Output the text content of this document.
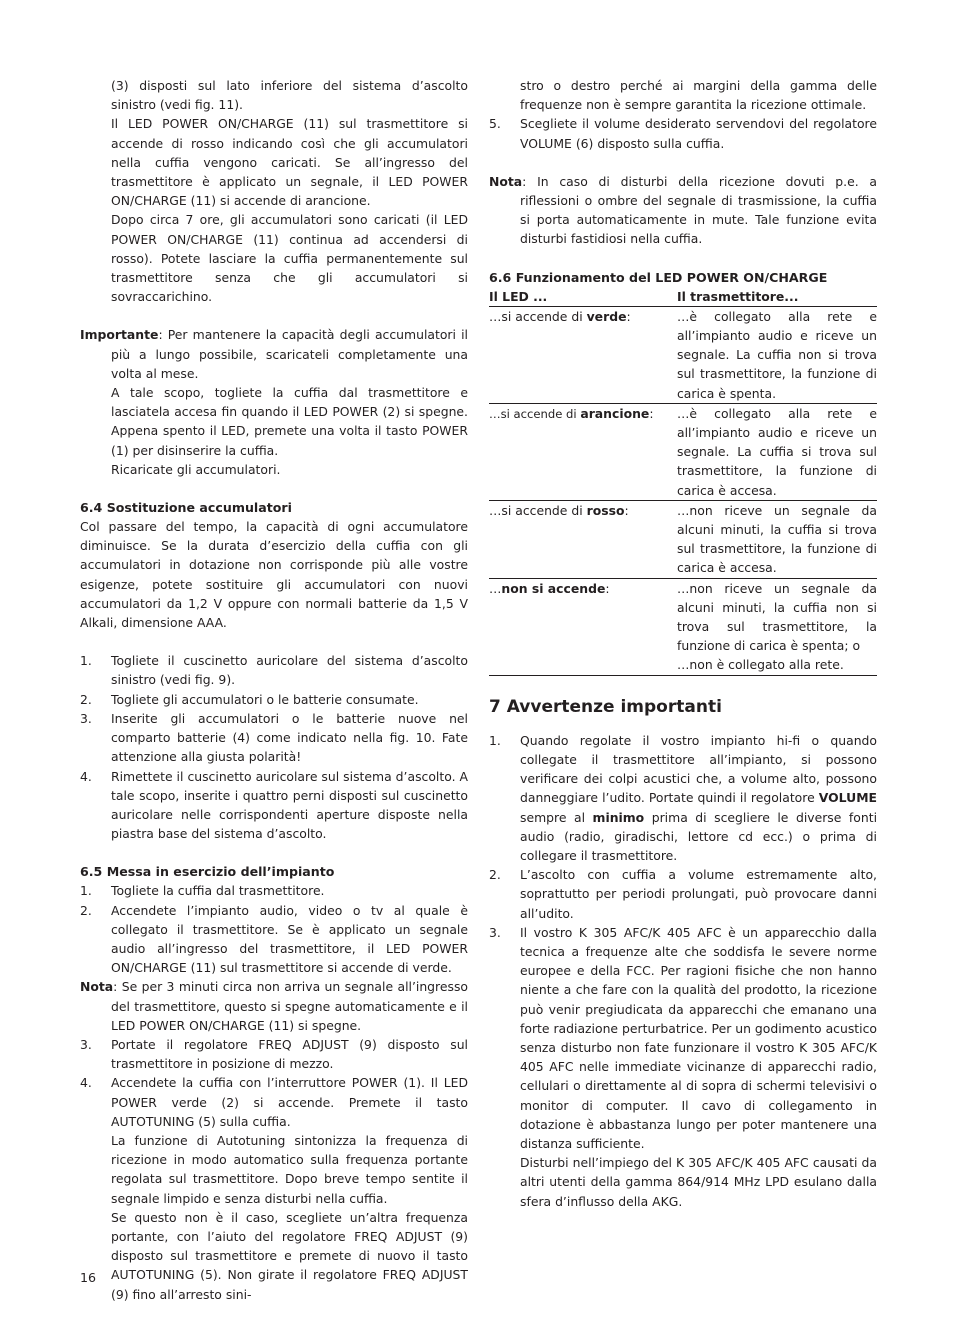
(3) disposti sul lato inferiore del sistema d’ascolto sinistro (vedi fig. 11).

Il LED POWER ON/CHARGE (11) sul trasmettitore si accende di rosso indicando così che gli accumulatori nella cuffia vengono caricati. Se all’ingresso del trasmettitore è applicato un segnale, il LED POWER ON/CHARGE (11) si accende di arancione.

Dopo circa 7 ore, gli accumulatori sono caricati (il LED POWER ON/CHARGE (11) continua ad accendersi di rosso). Potete lasciare la cuffia permanentemente sul trasmettitore senza che gli accumulatori si sovraccarichino.

Importante: Per mantenere la capacità degli accumulatori il più a lungo possibile, scaricateli completamente una volta al mese.

A tale scopo, togliete la cuffia dal trasmettitore e lasciatela accesa fin quando il LED POWER (2) si spegne. Appena spento il LED, premete una volta il tasto POWER (1) per disinserire la cuffia.

Ricaricate gli accumulatori.

6.4 Sostituzione accumulatori

Col passare del tempo, la capacità di ogni accumulatore diminuisce. Se la durata d’esercizio della cuffia con gli accumulatori in dotazione non corrisponde più alle vostre esigenze, potete sostituire gli accumulatori con nuovi accumulatori da 1,2 V oppure con normali batterie da 1,5 V Alkali, dimensione AAA.

1.	Togliete il cuscinetto auricolare del sistema d’ascolto sinistro (vedi fig. 9).
2.	Togliete gli accumulatori o le batterie consumate.
3.	Inserite gli accumulatori o le batterie nuove nel comparto batterie (4) come indicato nella fig. 10. Fate attenzione alla giusta polarità!
4.	Rimettete il cuscinetto auricolare sul sistema d’ascolto. A tale scopo, inserite i quattro perni disposti sul cuscinetto auricolare nelle corrispondenti aperture disposte nella piastra base del sistema d’ascolto.
6.5 Messa in esercizio dell’impianto
1.	Togliete la cuffia dal trasmettitore.
2.	Accendete l’impianto audio, video o tv al quale è collegato il trasmettitore. Se è applicato un segnale audio all’ingresso del trasmettitore, il LED POWER ON/CHARGE (11) sul trasmettitore si accende di verde.

Nota: Se per 3 minuti circa non arriva un segnale all’ingresso del trasmettitore, questo si spegne automaticamente e il LED POWER ON/CHARGE (11) si spegne.

3.	Portate il regolatore FREQ ADJUST (9) disposto sul trasmettitore in posizione di mezzo.
4.	Accendete la cuffia con l’interruttore POWER (1). Il LED POWER verde (2) si accende. Premete il tasto AUTOTUNING (5) sulla cuffia.

La funzione di Autotuning sintonizza la frequenza di ricezione in modo automatico sulla frequenza portante regolata sul trasmettitore. Dopo breve tempo sentite il segnale limpido e senza disturbi nella cuffia.

Se questo non è il caso, scegliete un’altra frequenza portante, con l’aiuto del regolatore FREQ ADJUST (9) disposto sul trasmettitore e premete di nuovo il tasto AUTOTUNING (5). Non girate il regolatore FREQ ADJUST (9) fino all’arresto sini-

stro o destro perché ai margini della gamma delle frequenze non è sempre garantita la ricezione ottimale.

5.	Scegliete il volume desiderato servendovi del regolatore VOLUME (6) disposto sulla cuffia.

Nota: In caso di disturbi della ricezione dovuti p.e. a riflessioni o ombre del segnale di trasmissione, la cuffia si porta automaticamente in mute. Tale funzione evita disturbi fastidiosi nella cuffia.

6.6 Funzionamento del LED POWER ON/CHARGE
Il LED ...	Il trasmettitore...
…si accende di verde:	…è collegato alla rete e all’impianto audio e riceve un segnale. La cuffia non si trova sul trasmettitore, la funzione di carica è spenta.
…si accende di arancione:	…è collegato alla rete e all’impianto audio e riceve un segnale. La cuffia si trova sul trasmettitore, la funzione di carica è accesa.
…si accende di rosso:	…non riceve un segnale da alcuni minuti, la cuffia si trova sul trasmettitore, la funzione di carica è accesa.
…non si accende:	…non riceve un segnale da alcuni minuti, la cuffia non si trova sul trasmettitore, la funzione di carica è spenta; o
…non è collegato alla rete.
7 Avvertenze importanti
1.	Quando regolate il vostro impianto hi-fi o quando collegate il trasmettitore all’impianto, si possono verificare dei colpi acustici che, a volume alto, possono danneggiare l’udito. Portate quindi il regolatore VOLUME sempre al minimo prima di scegliere le diverse fonti audio (radio, giradischi, lettore cd ecc.) o prima di collegare il trasmettitore.
2.	L’ascolto con cuffia a volume estremamente alto, soprattutto per periodi prolungati, può provocare danni all’udito.
3.	Il vostro K 305 AFC/K 405 AFC è un apparecchio dalla tecnica a frequenze alte che soddisfa le severe norme europee e della FCC. Per ragioni fisiche che non hanno niente a che fare con la qualità del prodotto, la ricezione può venir pregiudicata da apparecchi che emanano una forte radiazione perturbatrice. Per un godimento acustico senza disturbo non fate funzionare il vostro K 305 AFC/K 405 AFC nelle immediate vicinanze di apparecchi radio, cellulari o direttamente al di sopra di schermi televisivi o monitor di computer. Il cavo di collegamento in dotazione è abbastanza lungo per poter mantenere una distanza sufficiente.

Disturbi nell’impiego del K 305 AFC/K 405 AFC causati da altri utenti della gamma 864/914 MHz LPD esulano dalla sfera d’influsso della AKG.

16
